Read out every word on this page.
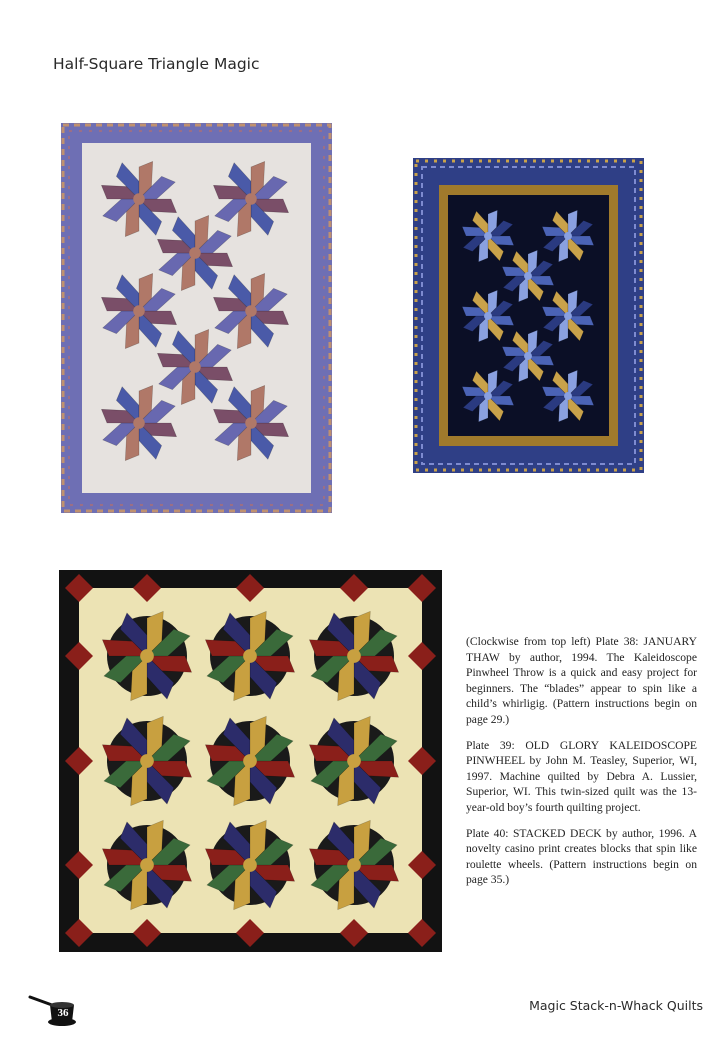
Half-Square Triangle Magic

(Clockwise from top left) Plate 38: JANUARY THAW by author, 1994. The Kaleidoscope Pinwheel Throw is a quick and easy project for beginners. The “blades” appear to spin like a child’s whirligig. (Pattern instructions begin on page 29.)

Plate 39: OLD GLORY KALEIDOSCOPE PINWHEEL by John M. Teasley, Superior, WI, 1997. Machine quilted by Debra A. Lussier, Superior, WI. This twin-sized quilt was the 13-year-old boy’s fourth quilting project.

Plate 40: STACKED DECK by author, 1996. A novelty casino print creates blocks that spin like roulette wheels. (Pattern instructions begin on page 35.)

36	Magic Stack-n-Whack Quilts
